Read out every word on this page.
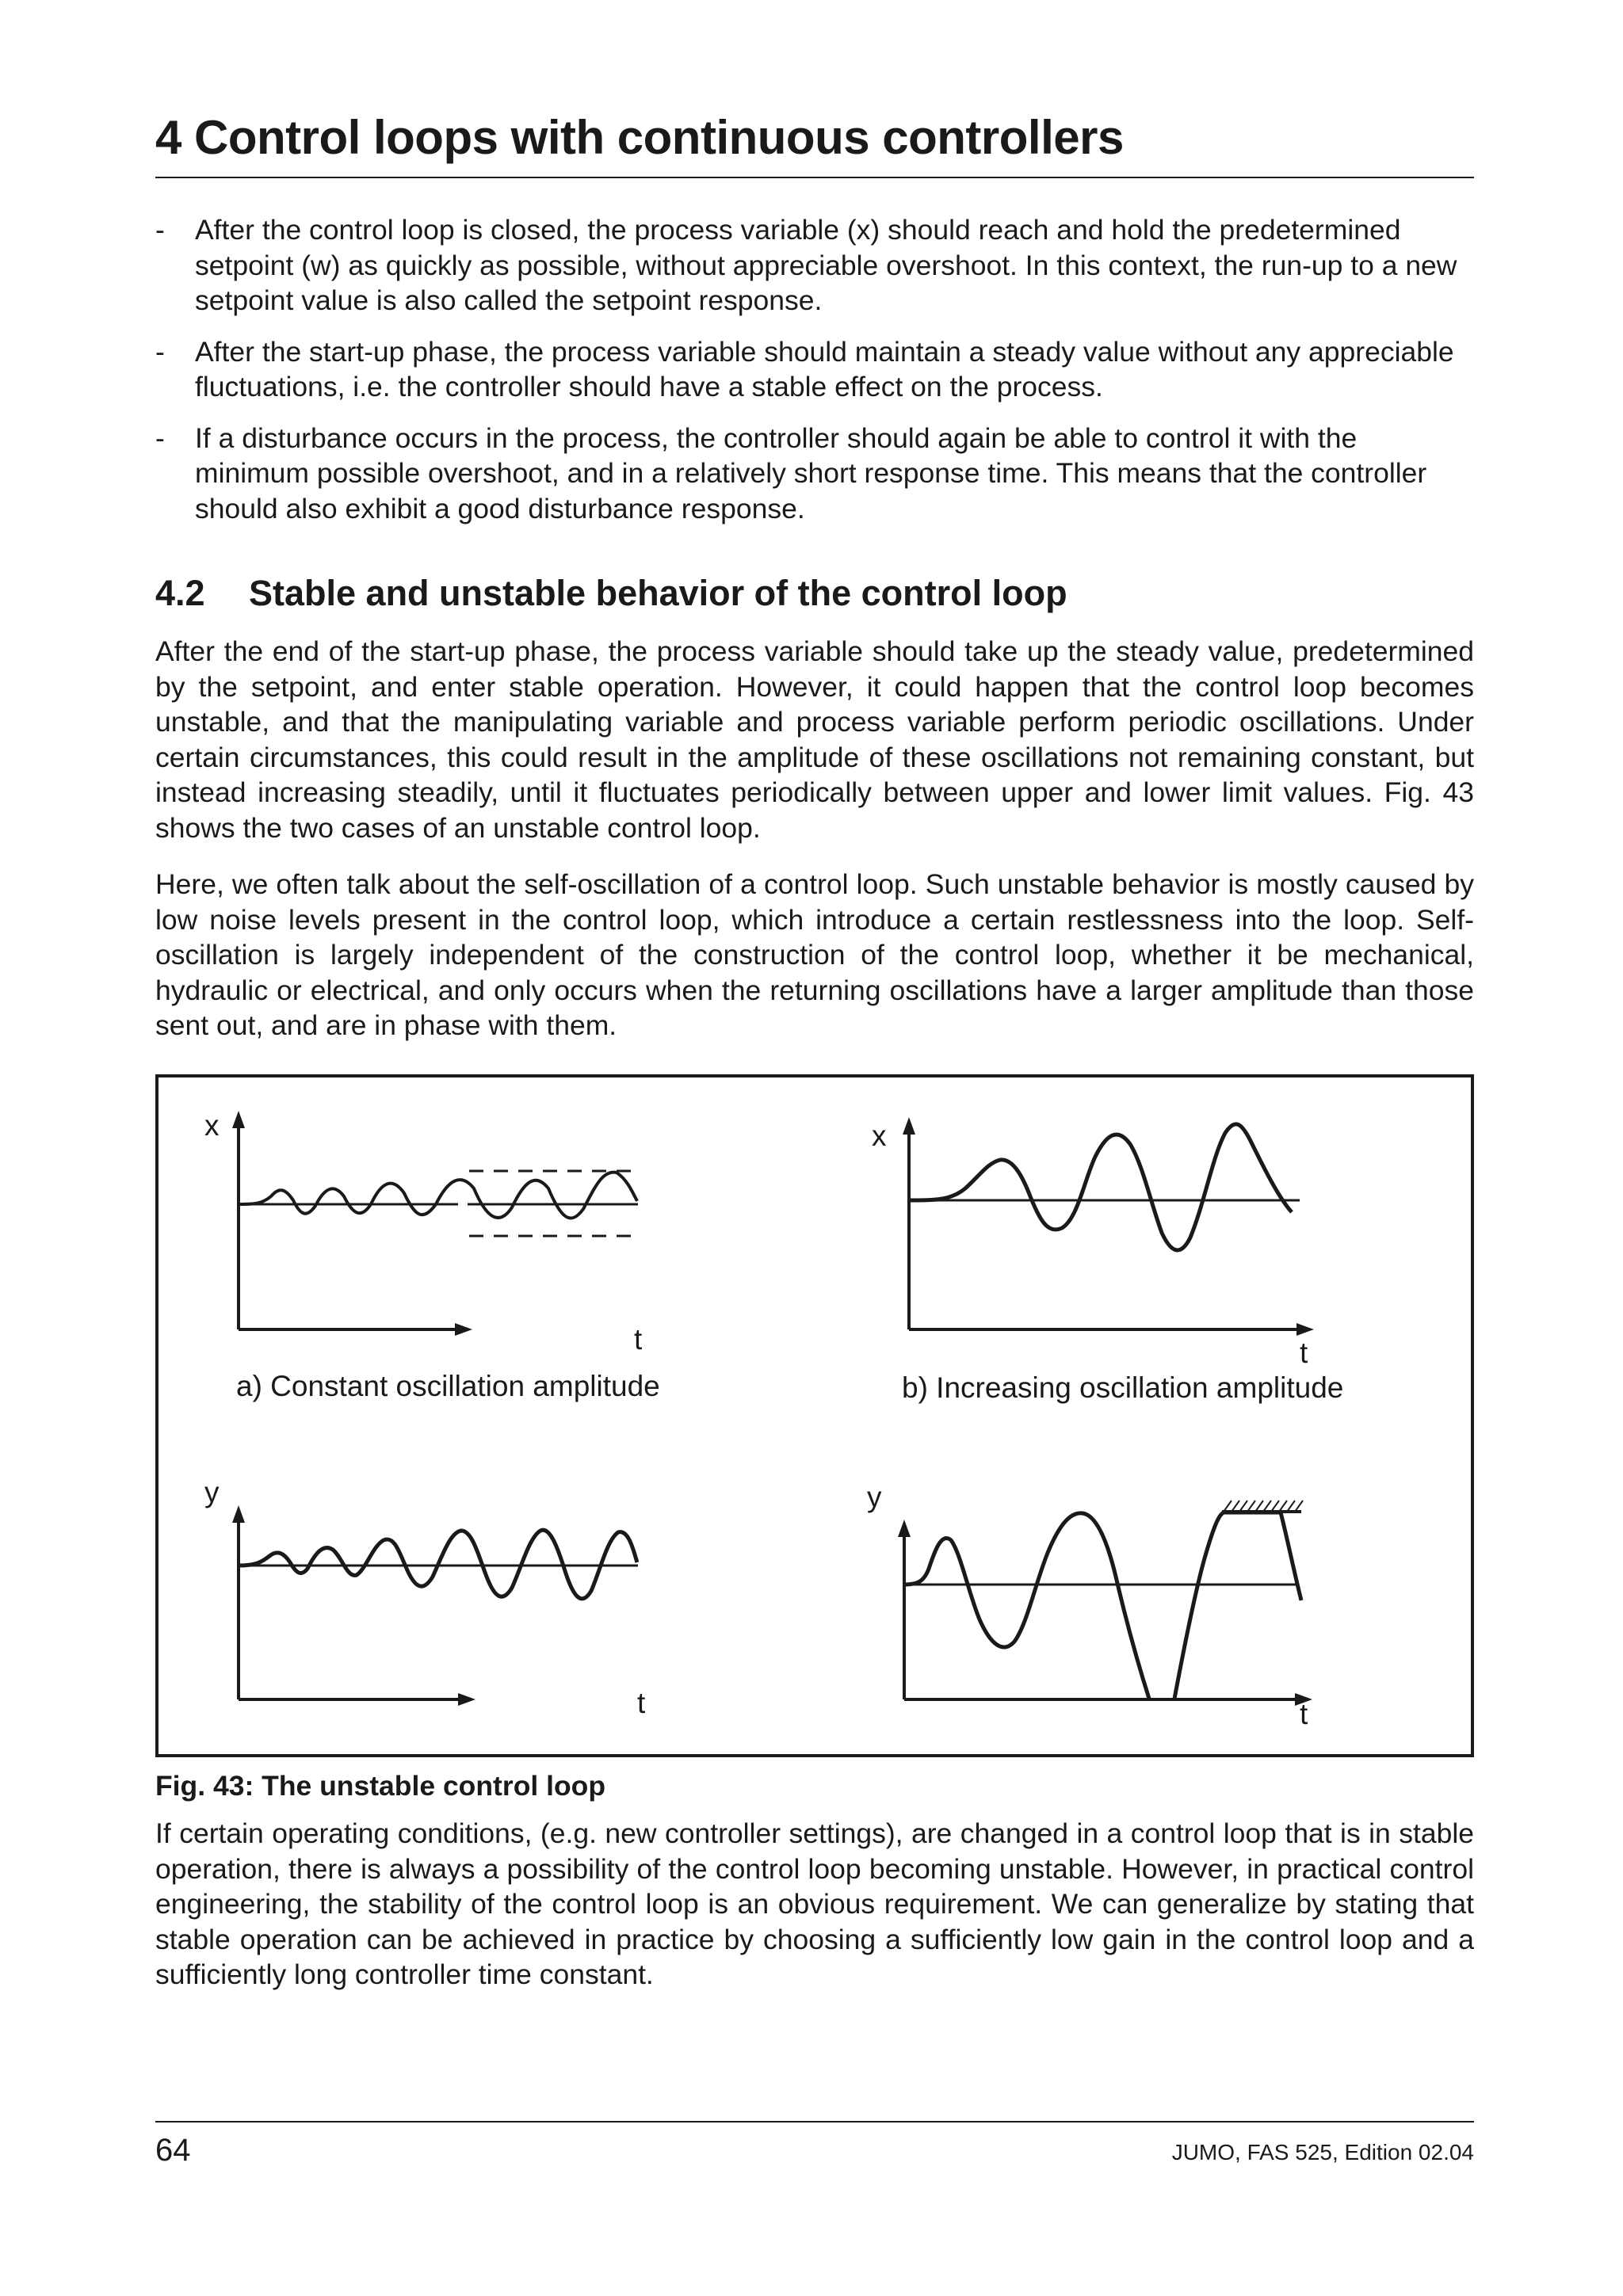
4 Control loops with continuous controllers
- After the control loop is closed, the process variable (x) should reach and hold the predetermined setpoint (w) as quickly as possible, without appreciable overshoot. In this context, the run-up to a new setpoint value is also called the setpoint response.
- After the start-up phase, the process variable should maintain a steady value without any appreciable fluctuations, i.e. the controller should have a stable effect on the process.
- If a disturbance occurs in the process, the controller should again be able to control it with the minimum possible overshoot, and in a relatively short response time. This means that the controller should also exhibit a good disturbance response.
4.2 Stable and unstable behavior of the control loop

After the end of the start-up phase, the process variable should take up the steady value, predetermined by the setpoint, and enter stable operation. However, it could happen that the control loop becomes unstable, and that the manipulating variable and process variable perform periodic oscillations. Under certain circumstances, this could result in the amplitude of these oscillations not remaining constant, but instead increasing steadily, until it fluctuates periodically between upper and lower limit values. Fig. 43 shows the two cases of an unstable control loop.

Here, we often talk about the self-oscillation of a control loop. Such unstable behavior is mostly caused by low noise levels present in the control loop, which introduce a certain restlessness into the loop. Self-oscillation is largely independent of the construction of the control loop, whether it be mechanical, hydraulic or electrical, and only occurs when the returning oscillations have a larger amplitude than those sent out, and are in phase with them.

x
t
a) Constant oscillation amplitude
x
t
b) Increasing oscillation amplitude
y
t
y
t

Fig. 43: The unstable control loop

If certain operating conditions, (e.g. new controller settings), are changed in a control loop that is in stable operation, there is always a possibility of the control loop becoming unstable. However, in practical control engineering, the stability of the control loop is an obvious requirement. We can generalize by stating that stable operation can be achieved in practice by choosing a sufficiently low gain in the control loop and a sufficiently long controller time constant.

64	JUMO, FAS 525, Edition 02.04
